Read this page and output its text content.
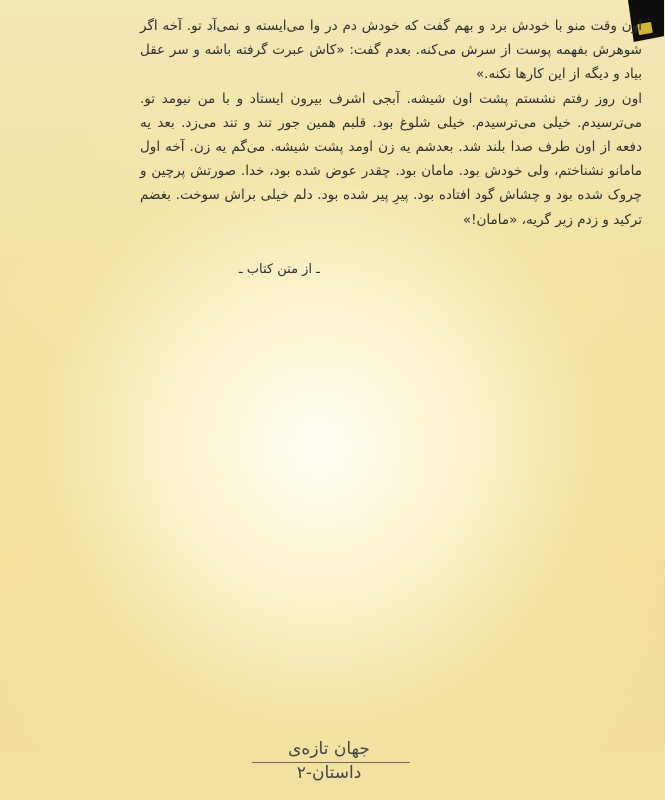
اون وقت منو با خودش برد و بهم گفت که خودش دم در وا می‌ایسته و نمی‌آد تو. آخه اگر شوهرش بفهمه پوست از سرش می‌کنه. بعدم گفت: «کاش عبرت گرفته باشه و سر عقل بیاد و دیگه از این کارها نکنه.»

اون روز رفتم نشستم پشت اون شیشه. آبجی اشرف بیرون ایستاد و با من نیومد تو. می‌ترسیدم. خیلی می‌ترسیدم. خیلی شلوغ بود. قلبم همین جور تند و تند می‌زد. بعد یه دفعه از اون طرف صدا بلند شد. بعدشم یه زن اومد پشت شیشه. می‌گم یه زن. آخه اول مامانو نشناختم، ولی خودش بود. مامان بود. چقدر عوض شده بود، خدا. صورتش پرچین و چروک شده بود و چشاش گود افتاده بود. پیرِ پیر شده بود. دلم خیلی براش سوخت. بغضم ترکید و زدم زیر گریه، «مامان!»

ـ از متن کتاب ـ
جهان تازه‌ی داستان-۲
